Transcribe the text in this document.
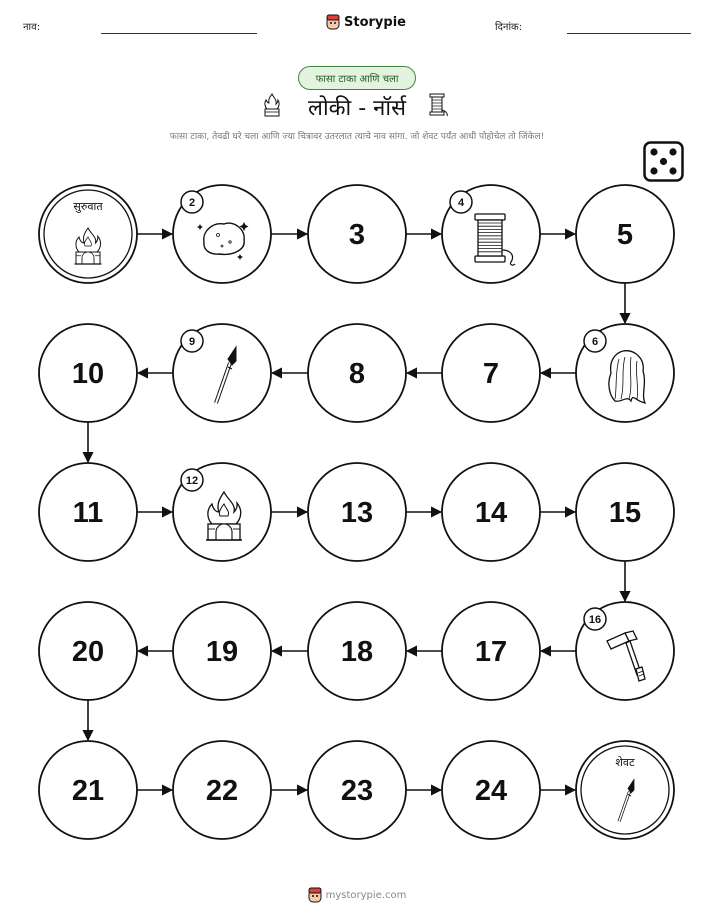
नाव:	Storypie	दिनांक:
फासा टाका आणि चला
लोकी - नॉर्स
फासा टाका, तेवढी घरे चला आणि ज्या चित्रावर उतरलात त्याचे नाव सांगा. जो शेवट पर्यंत आधी पोहोचेल तो जिंकेल!
सुरुवात	2
3
4
5
10
9
8	7
6
11
12
13	14	15
20	19	18	17
16
21	22	23	24
शेवट
mystorypie.com
